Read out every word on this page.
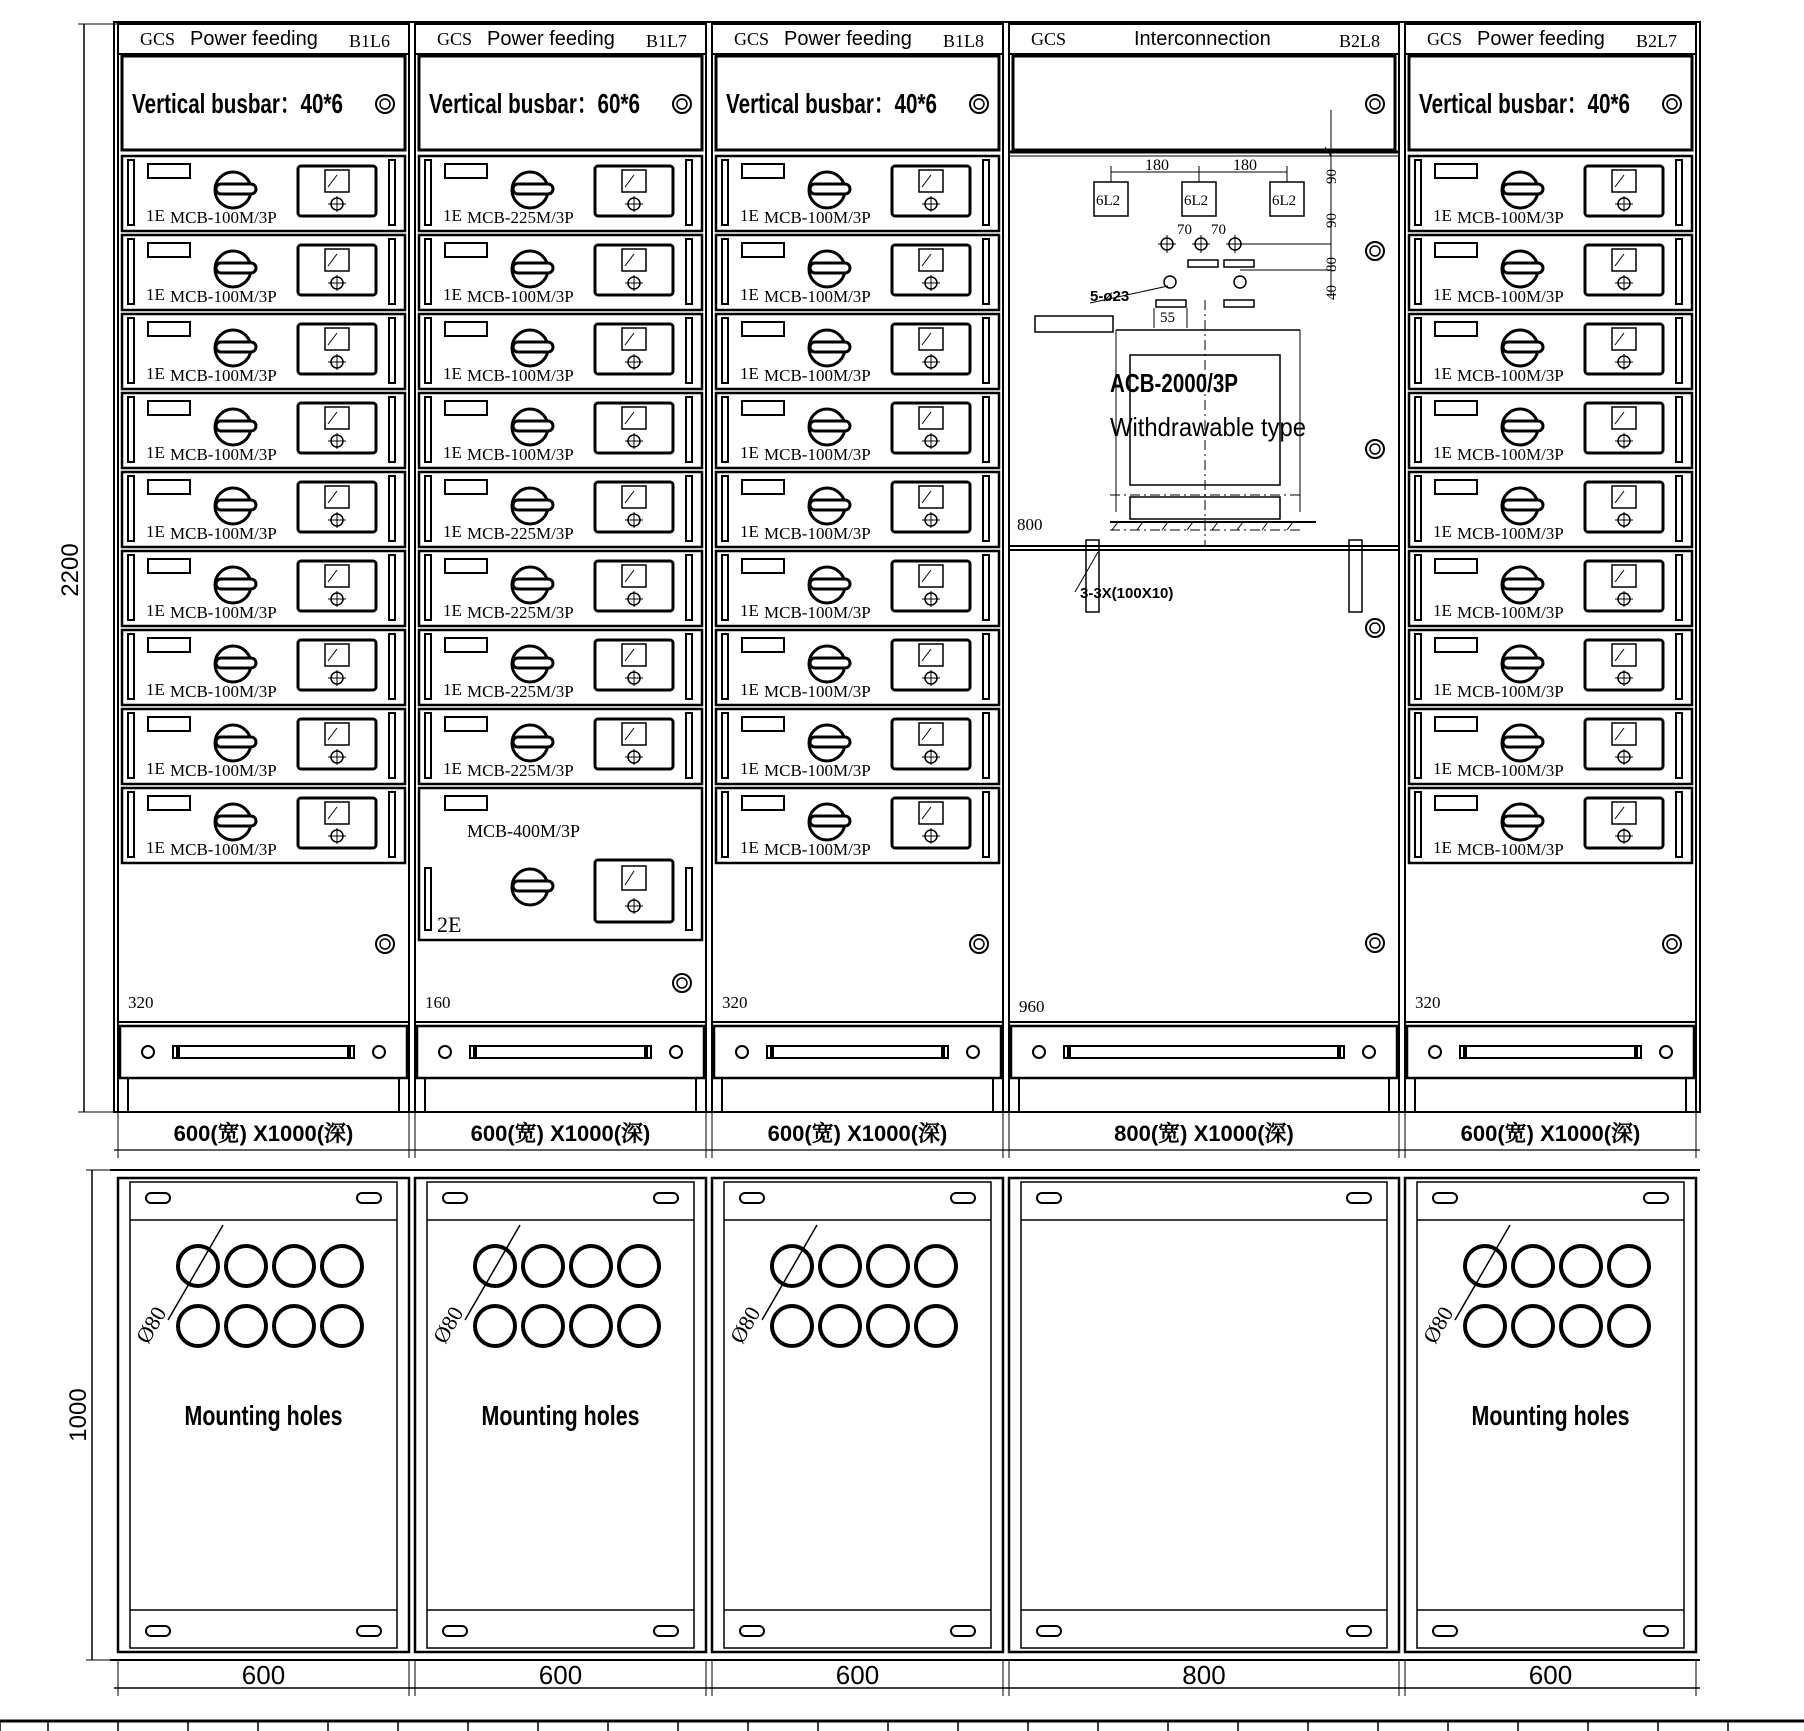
2200
GCS Power feeding B1L6
Vertical busbar：40*6
1E MCB-100M/3P
1E MCB-100M/3P
1E MCB-100M/3P
1E MCB-100M/3P
1E MCB-100M/3P
1E MCB-100M/3P
1E MCB-100M/3P
1E MCB-100M/3P
1E MCB-100M/3P
320
GCS Power feeding B1L7
Vertical busbar：60*6
1E MCB-225M/3P
1E MCB-100M/3P
1E MCB-100M/3P
1E MCB-100M/3P
1E MCB-225M/3P
1E MCB-225M/3P
1E MCB-225M/3P
1E MCB-225M/3P
MCB-400M/3P
2E
160
GCS Power feeding B1L8
Vertical busbar：40*6
1E MCB-100M/3P
1E MCB-100M/3P
1E MCB-100M/3P
1E MCB-100M/3P
1E MCB-100M/3P
1E MCB-100M/3P
1E MCB-100M/3P
1E MCB-100M/3P
1E MCB-100M/3P
320
GCS	Interconnection	B2L8	GCS Power feeding B2L7
Vertical busbar：40*6
1E MCB-100M/3P
1E MCB-100M/3P
1E MCB-100M/3P
1E MCB-100M/3P
1E MCB-100M/3P
1E MCB-100M/3P
1E MCB-100M/3P
1E MCB-100M/3P
1E MCB-100M/3P
320
800
3-3X(100X10)
6L2	6L2	6L2
180	180
90
90
80
40
70 70
5-ø23
55
ACB-2000/3P
Withdrawable type
960
600(宽) X1000(深)	600(宽) X1000(深)	600(宽) X1000(深)	800(宽) X1000(深)	600(宽) X1000(深)
1000
Ø80
Mounting holes
Ø80
Mounting holes
Ø80	Ø80
Mounting holes
600	600	600	800	600
